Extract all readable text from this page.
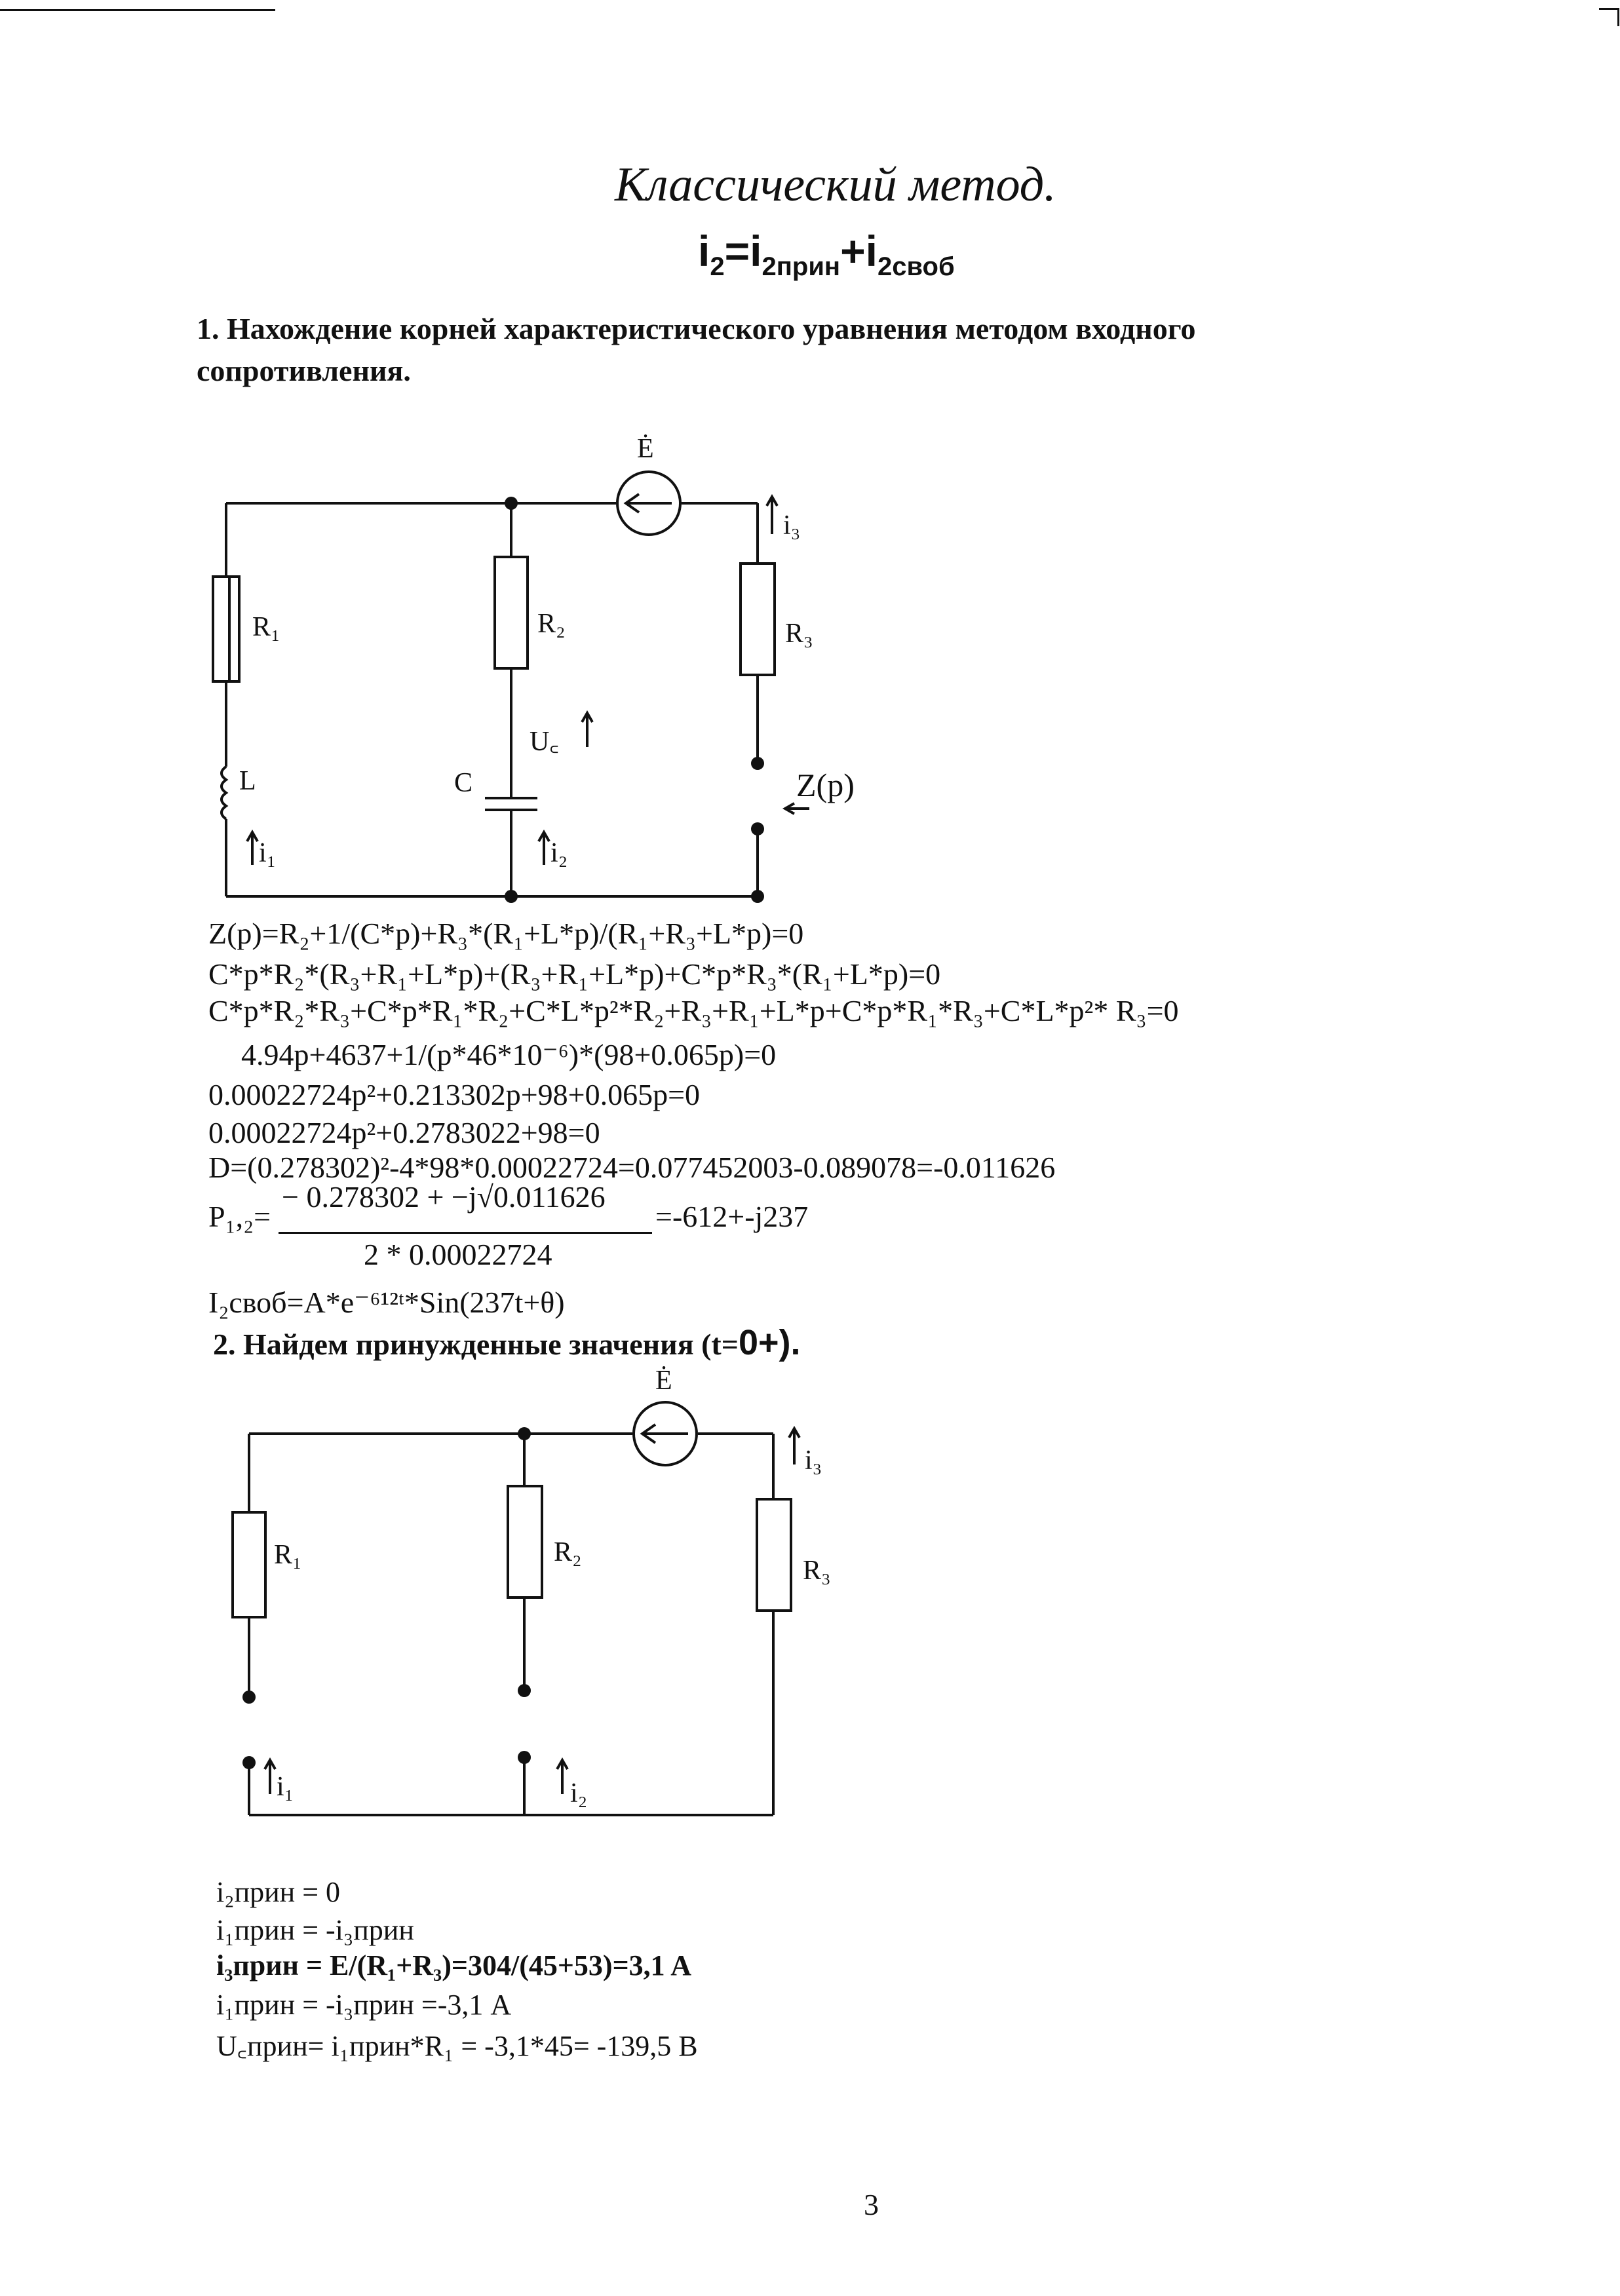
Классический метод.
$i_2=i_{2прин}+i_{2своб}$
1. Нахождение корней характеристического уравнения методом входного сопротивления.
Ė
i₃
R₁	R₂	R₃
U꜀
C
L
i₁	i₂
Z(p)
Z(p)=R₂+1/(C*p)+R₃*(R₁+L*p)/(R₁+R₃+L*p)=0
C*p*R₂*(R₃+R₁+L*p)+(R₃+R₁+L*p)+C*p*R₃*(R₁+L*p)=0
C*p*R₂*R₃+C*p*R₁*R₂+C*L*p²*R₂+R₃+R₁+L*p+C*p*R₁*R₃+C*L*p²* R₃=0
4.94p+4637+1/(p*46*10⁻⁶)*(98+0.065p)=0
0.00022724p²+0.213302p+98+0.065p=0
0.00022724p²+0.2783022+98=0
D=(0.278302)²-4*98*0.00022724=0.077452003-0.089078=-0.011626
P₁,₂=
− 0.278302 + −j√0.011626
2 * 0.00022724
=-612+-j237
I₂своб=A*e⁻⁶¹²ᵗ*Sin(237t+θ)
2. Найдем принужденные значения (t=0+).
Ė
i₃
R₁	R₂
R₃
i₁	i₂
i₂прин = 0
i₁прин = -i₃прин
i₃прин = E/(R₁+R₃)=304/(45+53)=3,1 A
i₁прин = -i₃прин =-3,1 A
U꜀прин= i₁прин*R₁ = -3,1*45= -139,5 B
3
